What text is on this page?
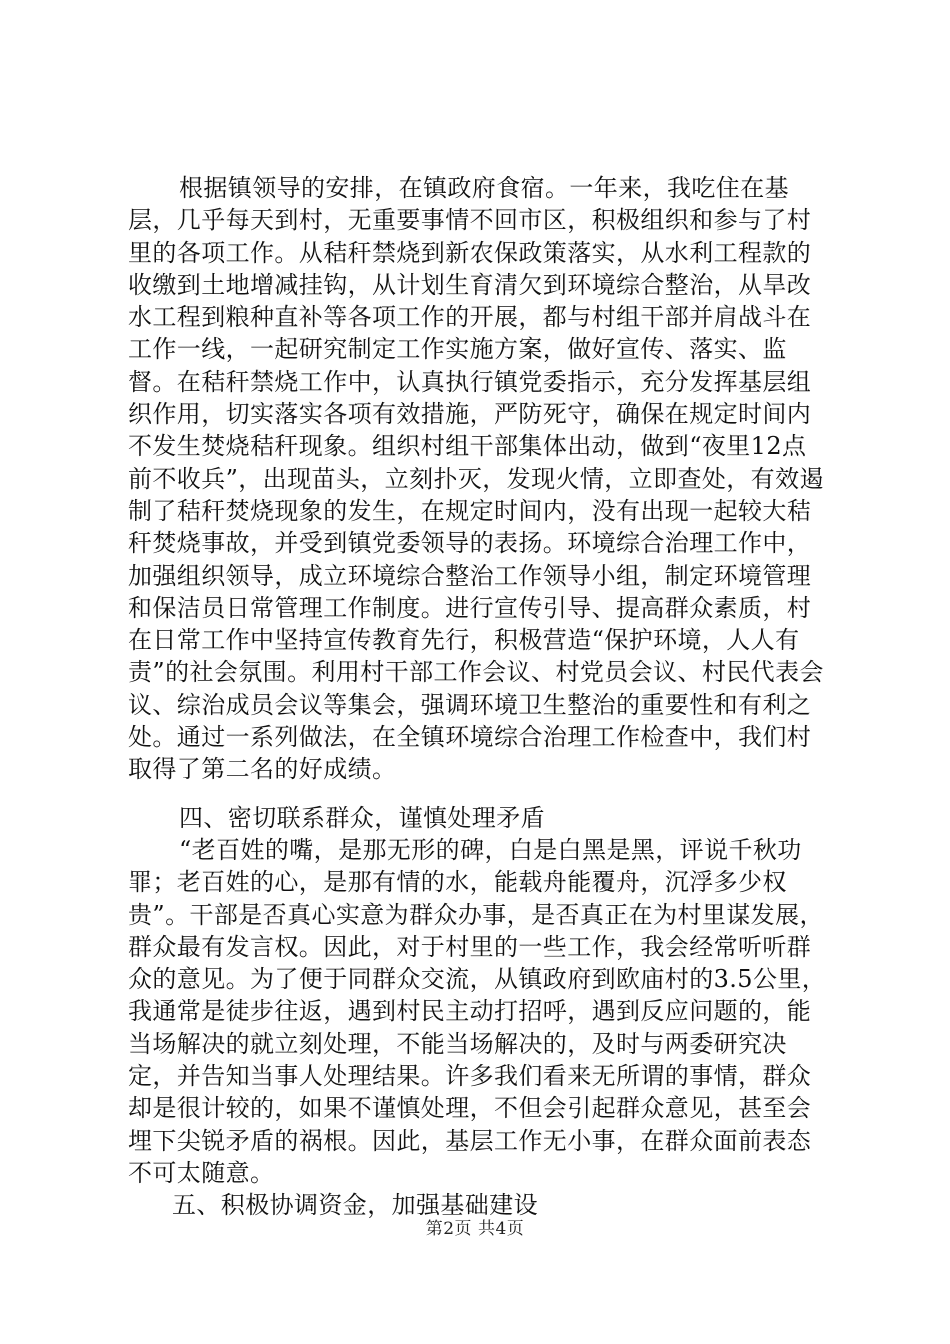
根据镇领导的安排，在镇政府食宿。一年来，我吃住在基层，几乎每天到村，无重要事情不回市区，积极组织和参与了村里的各项工作。从秸秆禁烧到新农保政策落实，从水利工程款的收缴到土地增减挂钩，从计划生育清欠到环境综合整治，从旱改水工程到粮种直补等各项工作的开展，都与村组干部并肩战斗在工作一线，一起研究制定工作实施方案，做好宣传、落实、监督。在秸秆禁烧工作中，认真执行镇党委指示，充分发挥基层组织作用，切实落实各项有效措施，严防死守，确保在规定时间内不发生焚烧秸秆现象。组织村组干部集体出动，做到“夜里12点前不收兵”，出现苗头，立刻扑灭，发现火情，立即查处，有效遏制了秸秆焚烧现象的发生，在规定时间内，没有出现一起较大秸秆焚烧事故，并受到镇党委领导的表扬。环境综合治理工作中，加强组织领导，成立环境综合整治工作领导小组，制定环境管理和保洁员日常管理工作制度。进行宣传引导、提高群众素质，村在日常工作中坚持宣传教育先行，积极营造“保护环境，人人有责”的社会氛围。利用村干部工作会议、村党员会议、村民代表会议、综治成员会议等集会，强调环境卫生整治的重要性和有利之处。通过一系列做法，在全镇环境综合治理工作检查中，我们村取得了第二名的好成绩。

四、密切联系群众，谨慎处理矛盾

“老百姓的嘴，是那无形的碑，白是白黑是黑，评说千秋功罪；老百姓的心，是那有情的水，能载舟能覆舟，沉浮多少权贵”。干部是否真心实意为群众办事，是否真正在为村里谋发展，群众最有发言权。因此，对于村里的一些工作，我会经常听听群众的意见。为了便于同群众交流，从镇政府到欧庙村的3.5公里，我通常是徒步往返，遇到村民主动打招呼，遇到反应问题的，能当场解决的就立刻处理，不能当场解决的，及时与两委研究决定，并告知当事人处理结果。许多我们看来无所谓的事情，群众却是很计较的，如果不谨慎处理，不但会引起群众意见，甚至会埋下尖锐矛盾的祸根。因此，基层工作无小事，在群众面前表态不可太随意。

五、积极协调资金，加强基础建设

第2页 共4页
